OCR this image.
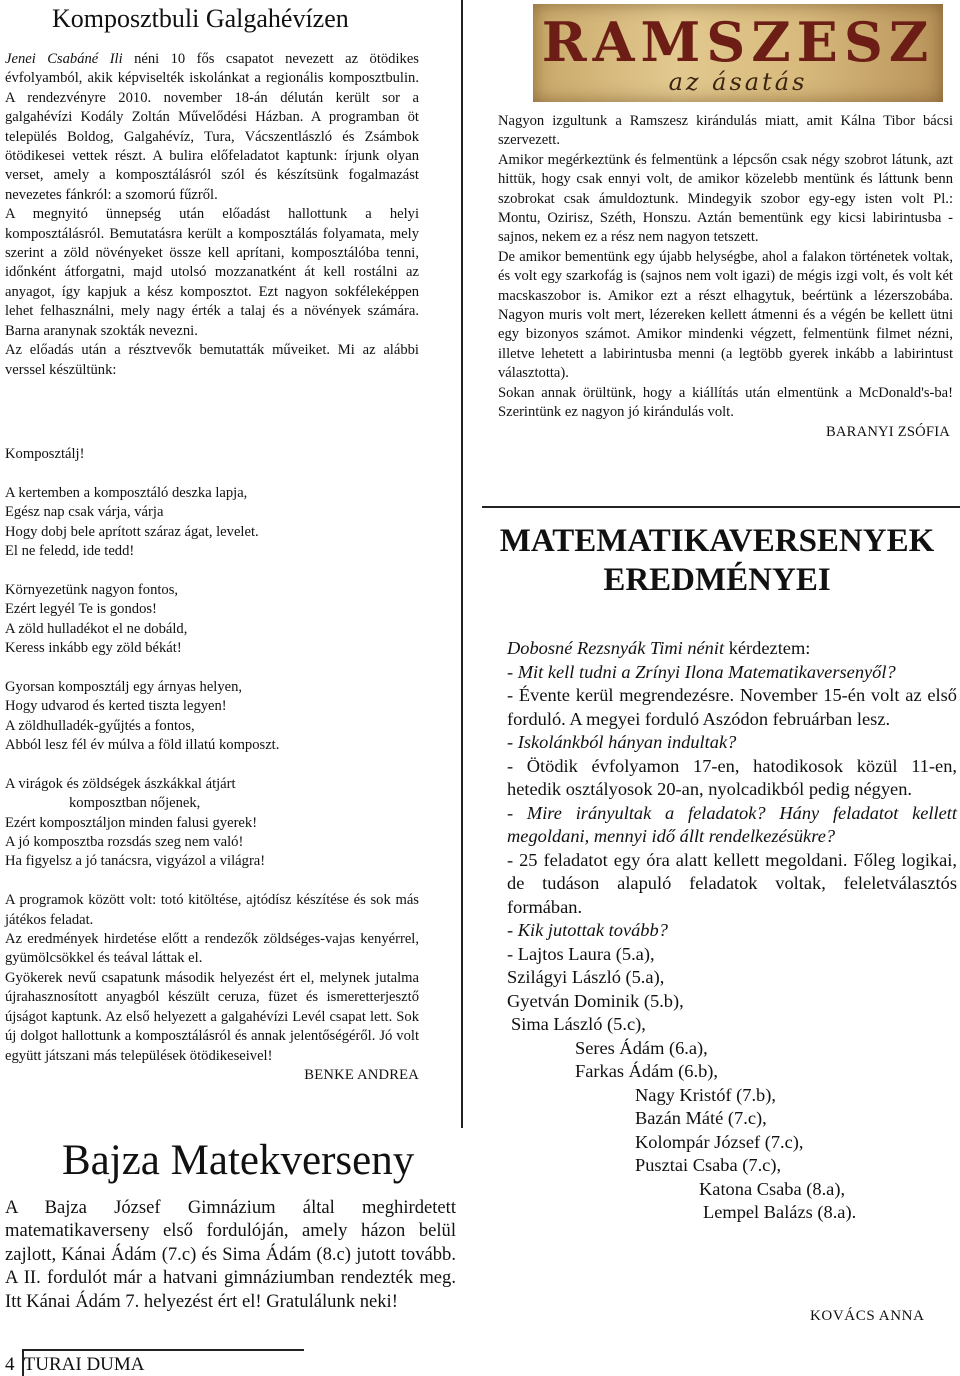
Komposztbuli Galgahévízen

Jenei Csabáné Ili néni 10 fős csapatot nevezett az ötödikes évfolyamból, akik képviselték iskolánkat a regionális komposztbulin. A rendezvényre 2010. november 18-án délután került sor a galgahévízi Kodály Zoltán Művelődési Házban. A programban öt település Boldog, Galgahévíz, Tura, Vácszentlászló és Zsámbok ötödikesei vettek részt. A bulira előfeladatot kaptunk: írjunk olyan verset, amely a komposztálásról szól és készítsünk fogalmazást nevezetes fánkról: a szomorú fűzről.

A megnyitó ünnepség után előadást hallottunk a helyi komposztálásról. Bemutatásra került a komposztálás folyamata, mely szerint a zöld növényeket össze kell aprítani, komposztálóba tenni, időnként átforgatni, majd utolsó mozzanatként át kell rostálni az anyagot, így kapjuk a kész komposztot. Ezt nagyon sokféleképpen lehet felhasználni, mely nagy érték a talaj és a növények számára. Barna aranynak szokták nevezni.

Az előadás után a résztvevők bemutatták műveiket. Mi az alábbi verssel készültünk:

Komposztálj!

A kertemben a komposztáló deszka lapja,

Egész nap csak várja, várja

Hogy dobj bele aprított száraz ágat, levelet.

El ne feledd, ide tedd!

Környezetünk nagyon fontos,

Ezért legyél Te is gondos!

A zöld hulladékot el ne dobáld,

Keress inkább egy zöld békát!

Gyorsan komposztálj egy árnyas helyen,

Hogy udvarod és kerted tiszta legyen!

A zöldhulladék-gyűjtés a fontos,

Abból lesz fél év múlva a föld illatú komposzt.

A virágok és zöldségek ászkákkal átjárt

komposztban nőjenek,

Ezért komposztáljon minden falusi gyerek!

A jó komposztba rozsdás szeg nem való!

Ha figyelsz a jó tanácsra, vigyázol a világra!

A programok között volt: totó kitöltése, ajtódísz készítése és sok más játékos feladat.

Az eredmények hirdetése előtt a rendezők zöldséges-vajas kenyérrel, gyümölcsökkel és teával láttak el.

Gyökerek nevű csapatunk második helyezést ért el, melynek jutalma újrahasznosított anyagból készült ceruza, füzet és ismeretterjesztő újságot kaptunk. Az első helyezett a galgahévízi Levél csapat lett. Sok új dolgot hallottunk a komposztálásról és annak jelentőségéről. Jó volt együtt játszani más települések ötödikeseivel!

BENKE ANDREA

Bajza Matekverseny
A Bajza József Gimnázium által meghirdetett matematikaverseny első fordulóján, amely házon belül zajlott, Kánai Ádám (7.c) és Sima Ádám (8.c) jutott tovább. A II. fordulót már a hatvani gimnáziumban rendezték meg. Itt Kánai Ádám 7. helyezést ért el! Gratulálunk neki!
4  TURAI DUMA
RAMSZESZ
az ásatás

Nagyon izgultunk a Ramszesz kirándulás miatt, amit Kálna Tibor bácsi szervezett.

Amikor megérkeztünk és felmentünk a lépcsőn csak négy szobrot látunk, azt hittük, hogy csak ennyi volt, de amikor közelebb mentünk és láttunk benn szobrokat csak ámuldoztunk. Mindegyik szobor egy-egy isten volt Pl.: Montu, Ozirisz, Széth, Honszu. Aztán bementünk egy kicsi labirintusba - sajnos, nekem ez a rész nem nagyon tetszett.

De amikor bementünk egy újabb helységbe, ahol a falakon történetek voltak, és volt egy szarkofág is (sajnos nem volt igazi) de mégis izgi volt, és volt két macskaszobor is. Amikor ezt a részt elhagytuk, beértünk a lézerszobába. Nagyon muris volt mert, lézereken kellett átmenni és a végén be kellett ütni egy bizonyos számot. Amikor mindenki végzett, felmentünk filmet nézni, illetve lehetett a labirintusba menni (a legtöbb gyerek inkább a labirintust választotta).

Sokan annak örültünk, hogy a kiállítás után elmentünk a McDonald's-ba! Szerintünk ez nagyon jó kirándulás volt.

BARANYI ZSÓFIA

MATEMATIKAVERSENYEK
EREDMÉNYEI

Dobosné Rezsnyák Timi nénit kérdeztem:

- Mit kell tudni a Zrínyi Ilona Matematikaversenyől?

- Évente kerül megrendezésre. November 15-én volt az első forduló. A megyei forduló Aszódon februárban lesz.

- Iskolánkból hányan indultak?

- Ötödik évfolyamon 17-en, hatodikosok közül 11-en, hetedik osztályosok 20-an, nyolcadikból pedig négyen.

- Mire irányultak a feladatok? Hány feladatot kellett megoldani, mennyi idő állt rendelkezésükre?

- 25 feladatot egy óra alatt kellett megoldani. Főleg logikai, de tudáson alapuló feladatok voltak, feleletválasztós formában.

- Kik jutottak tovább?

- Lajtos Laura (5.a),

Szilágyi László (5.a),

Gyetván Dominik (5.b),

Sima László (5.c),

Seres Ádám (6.a),

Farkas Ádám (6.b),

Nagy Kristóf (7.b),

Bazán Máté (7.c),

Kolompár József (7.c),

Pusztai Csaba (7.c),

Katona Csaba (8.a),

Lempel Balázs (8.a).

KOVÁCS ANNA
